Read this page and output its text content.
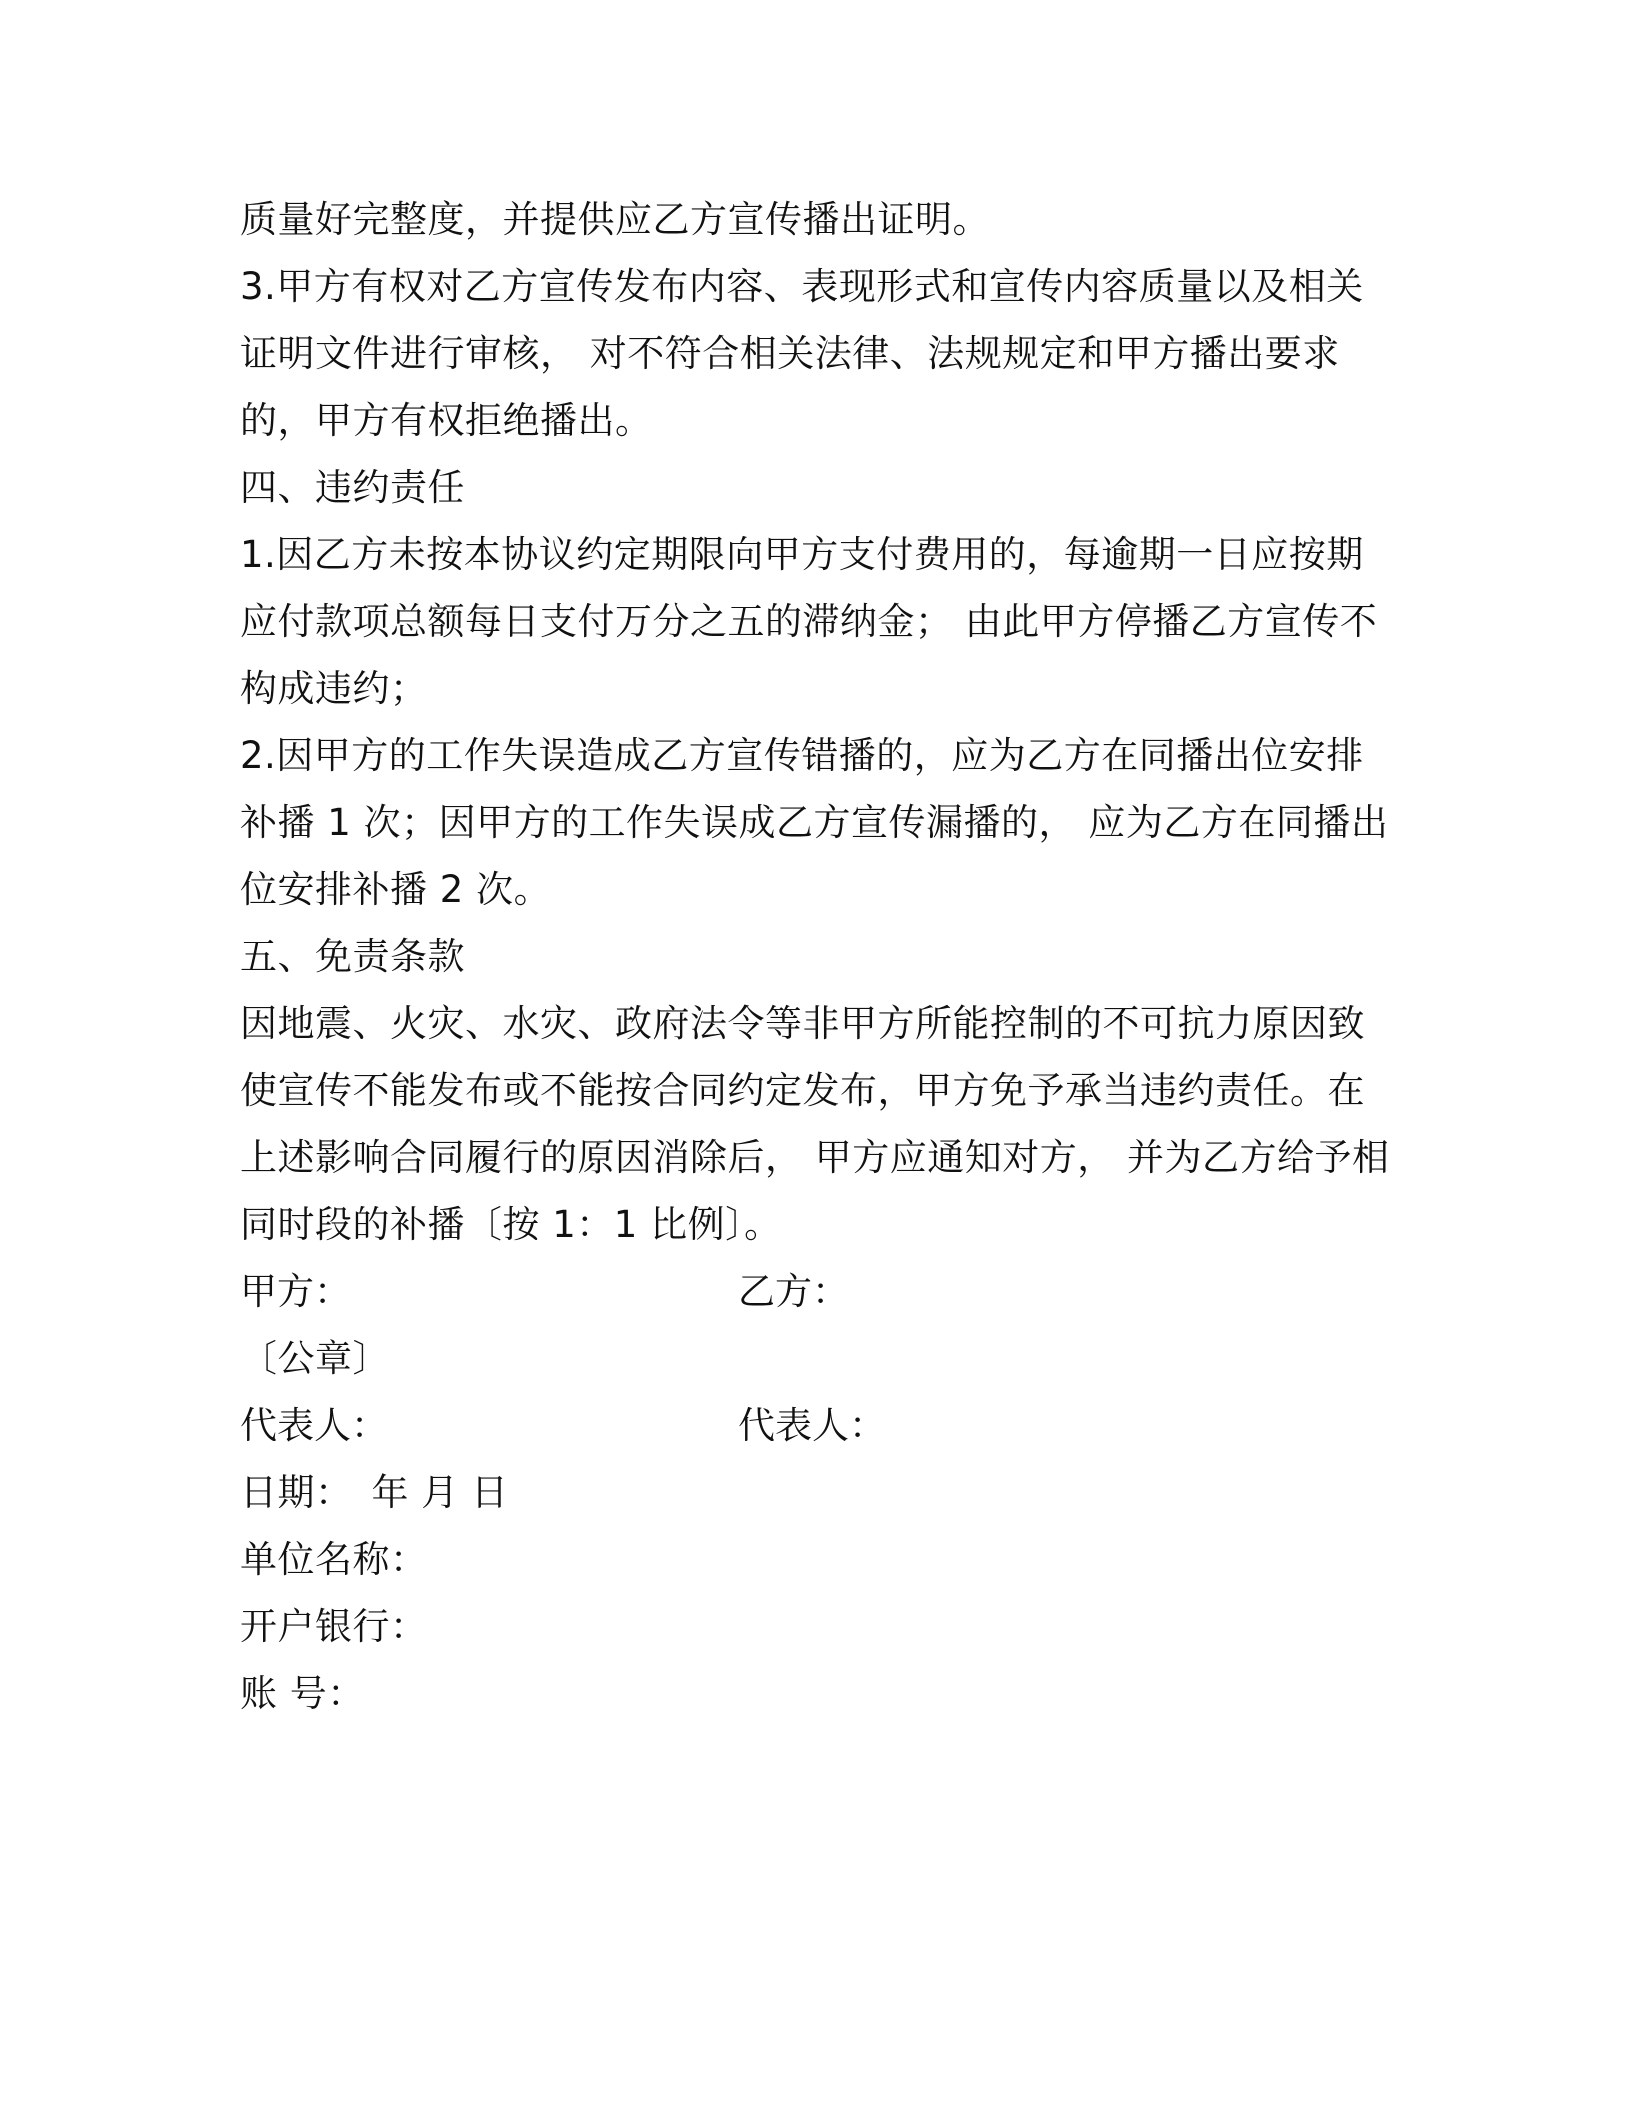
质量好完整度，并提供应乙方宣传播出证明。
3.甲方有权对乙方宣传发布内容、表现形式和宣传内容质量以及相关
证明文件进行审核， 对不符合相关法律、法规规定和甲方播出要求
的，甲方有权拒绝播出。
四、违约责任
1.因乙方未按本协议约定期限向甲方支付费用的，每逾期一日应按期
应付款项总额每日支付万分之五的滞纳金； 由此甲方停播乙方宣传不
构成违约；
2.因甲方的工作失误造成乙方宣传错播的，应为乙方在同播出位安排
补播 1 次；因甲方的工作失误成乙方宣传漏播的， 应为乙方在同播出
位安排补播 2 次。
五、免责条款
因地震、火灾、水灾、政府法令等非甲方所能控制的不可抗力原因致
使宣传不能发布或不能按合同约定发布，甲方免予承当违约责任。在
上述影响合同履行的原因消除后， 甲方应通知对方， 并为乙方给予相
同时段的补播〔按 1：1 比例〕。
甲方：	乙方：
〔公章〕
代表人：	代表人：
日期：　年 月 日
单位名称：
开户银行：
账 号：
